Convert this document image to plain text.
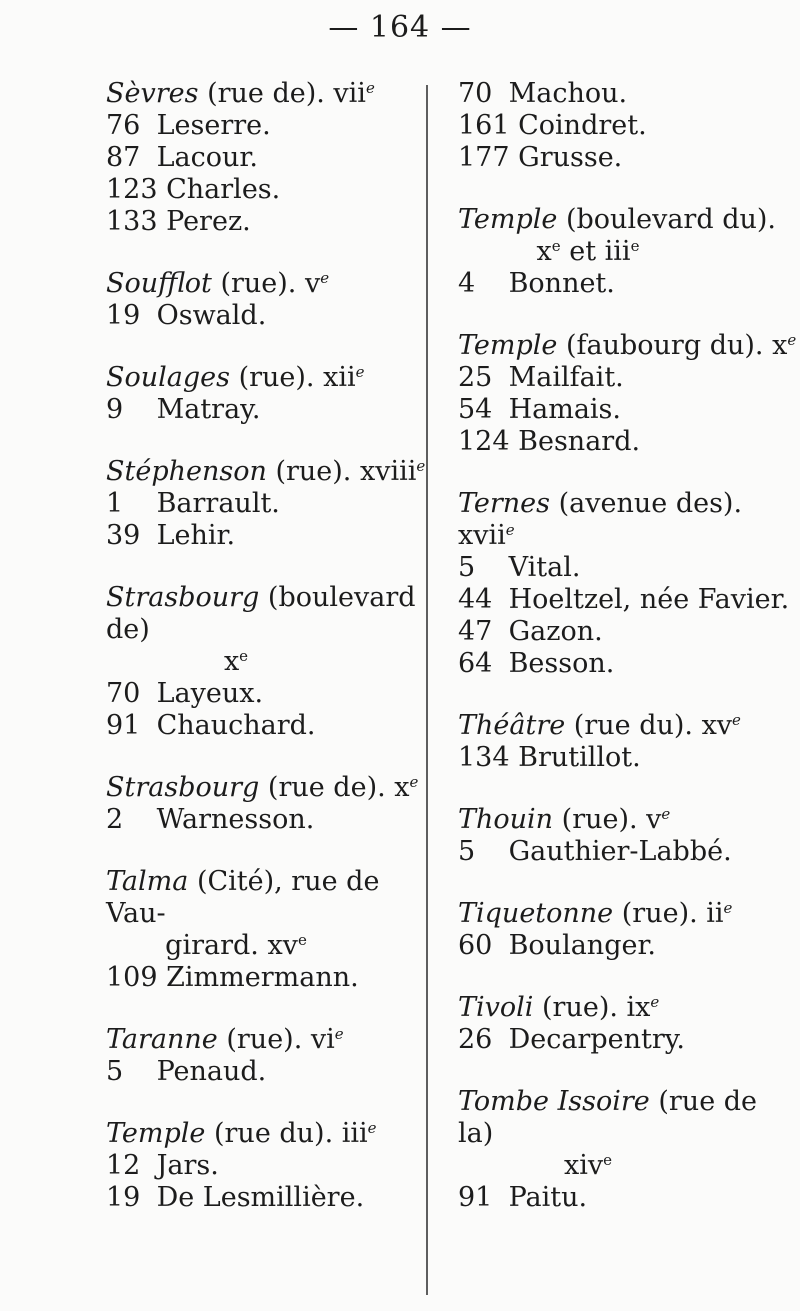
— 164 —
Sèvres (rue de). vii$^e$
76 Leserre.
87 Lacour.
123 Charles.
133 Perez.
Soufflot (rue). $v^e$
19 Oswald.
Soulages (rue). xii$^e$
9 Matray.
Stéphenson (rue). xviii$^e$
1 Barrault.
39 Lehir.
Strasbourg (boulevard de)
$x^e$
70 Layeux.
91 Chauchard.
Strasbourg (rue de). $x^e$
2 Warnesson.
Talma (Cité), rue de Vau-
girard. $xv^e$
109 Zimmermann.
Taranne (rue). $vi^e$
5 Penaud.
Temple (rue du). iii$^e$
12 Jars.
19 De Lesmillière.
70 Machou.
161 Coindret.
177 Grusse.
Temple (boulevard du).
$x^e$ et iii$^e$
4 Bonnet.
Temple (faubourg du). $x^e$
25 Mailfait.
54 Hamais.
124 Besnard.
Ternes (avenue des). xvii$^e$
5 Vital.
44 Hoeltzel, née Favier.
47 Gazon.
64 Besson.
Théâtre (rue du). $xv^e$
134 Brutillot.
Thouin (rue). $v^e$
5 Gauthier-Labbé.
Tiquetonne (rue). $ii^e$
60 Boulanger.
Tivoli (rue). $ix^e$
26 Decarpentry.
Tombe Issoire (rue de la)
xiv$^e$
91 Paitu.
